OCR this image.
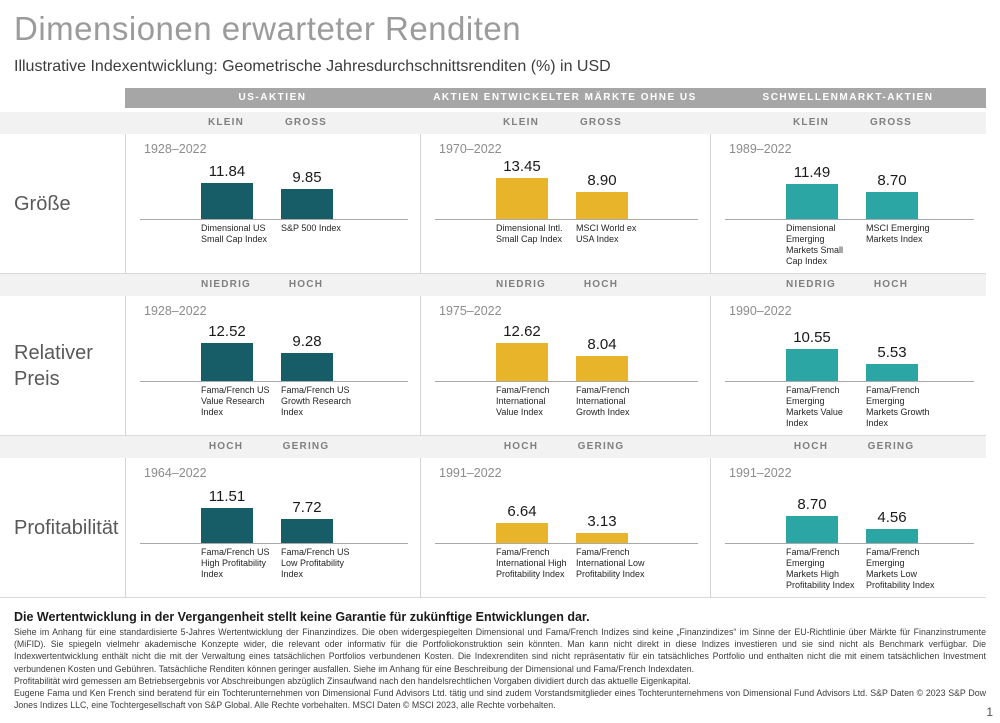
Dimensionen erwarteter Renditen
Illustrative Indexentwicklung: Geometrische Jahresdurchschnittsrenditen (%) in USD
US-AKTIEN	AKTIEN ENTWICKELTER MÄRKTE OHNE US	SCHWELLENMARKT-AKTIEN
KLEIN	GROSS	KLEIN	GROSS	KLEIN	GROSS
Größe
1928–2022
11.84
Dimensional US Small Cap Index
9.85
S&P 500 Index
1970–2022
13.45
Dimensional Intl. Small Cap Index
8.90
MSCI World ex USA Index
1989–2022
11.49
Dimensional Emerging Markets Small Cap Index
8.70
MSCI Emerging Markets Index
NIEDRIG	HOCH	NIEDRIG	HOCH	NIEDRIG	HOCH
Relativer Preis
1928–2022
12.52
Fama/French US Value Research Index
9.28
Fama/French US Growth Research Index
1975–2022
12.62
Fama/French International Value Index
8.04
Fama/French International Growth Index
1990–2022
10.55
Fama/French Emerging Markets Value Index
5.53
Fama/French Emerging Markets Growth Index
HOCH	GERING	HOCH	GERING	HOCH	GERING
Profitabilität
1964–2022
11.51
Fama/French US High Profitability Index
7.72
Fama/French US Low Profitability Index
1991–2022
6.64
Fama/French International High Profitability Index
3.13
Fama/French International Low Profitability Index
1991–2022
8.70
Fama/French Emerging Markets High Profitability Index
4.56
Fama/French Emerging Markets Low Profitability Index
Die Wertentwicklung in der Vergangenheit stellt keine Garantie für zukünftige Entwicklungen dar.

Siehe im Anhang für eine standardisierte 5-Jahres Wertentwicklung der Finanzindizes. Die oben widergespiegelten Dimensional und Fama/French Indizes sind keine „Finanzindizes“ im Sinne der EU-Richtlinie über Märkte für Finanzinstrumente (MiFID). Sie spiegeln vielmehr akademische Konzepte wider, die relevant oder informativ für die Portfoliokonstruktion sein könnten. Man kann nicht direkt in diese Indizes investieren und sie sind nicht als Benchmark verfügbar. Die Indexwertentwicklung enthält nicht die mit der Verwaltung eines tatsächlichen Portfolios verbundenen Kosten. Die Indexrenditen sind nicht repräsentativ für ein tatsächliches Portfolio und enthalten nicht die mit einem tatsächlichen Investment verbundenen Kosten und Gebühren. Tatsächliche Renditen können geringer ausfallen. Siehe im Anhang für eine Beschreibung der Dimensional und Fama/French Indexdaten.

Profitabilität wird gemessen am Betriebsergebnis vor Abschreibungen abzüglich Zinsaufwand nach den handelsrechtlichen Vorgaben dividiert durch das aktuelle Eigenkapital.

Eugene Fama und Ken French sind beratend für ein Tochterunternehmen von Dimensional Fund Advisors Ltd. tätig und sind zudem Vorstandsmitglieder eines Tochterunternehmens von Dimensional Fund Advisors Ltd. S&P Daten © 2023 S&P Dow Jones Indizes LLC, eine Tochtergesellschaft von S&P Global. Alle Rechte vorbehalten. MSCI Daten © MSCI 2023, alle Rechte vorbehalten.	1
